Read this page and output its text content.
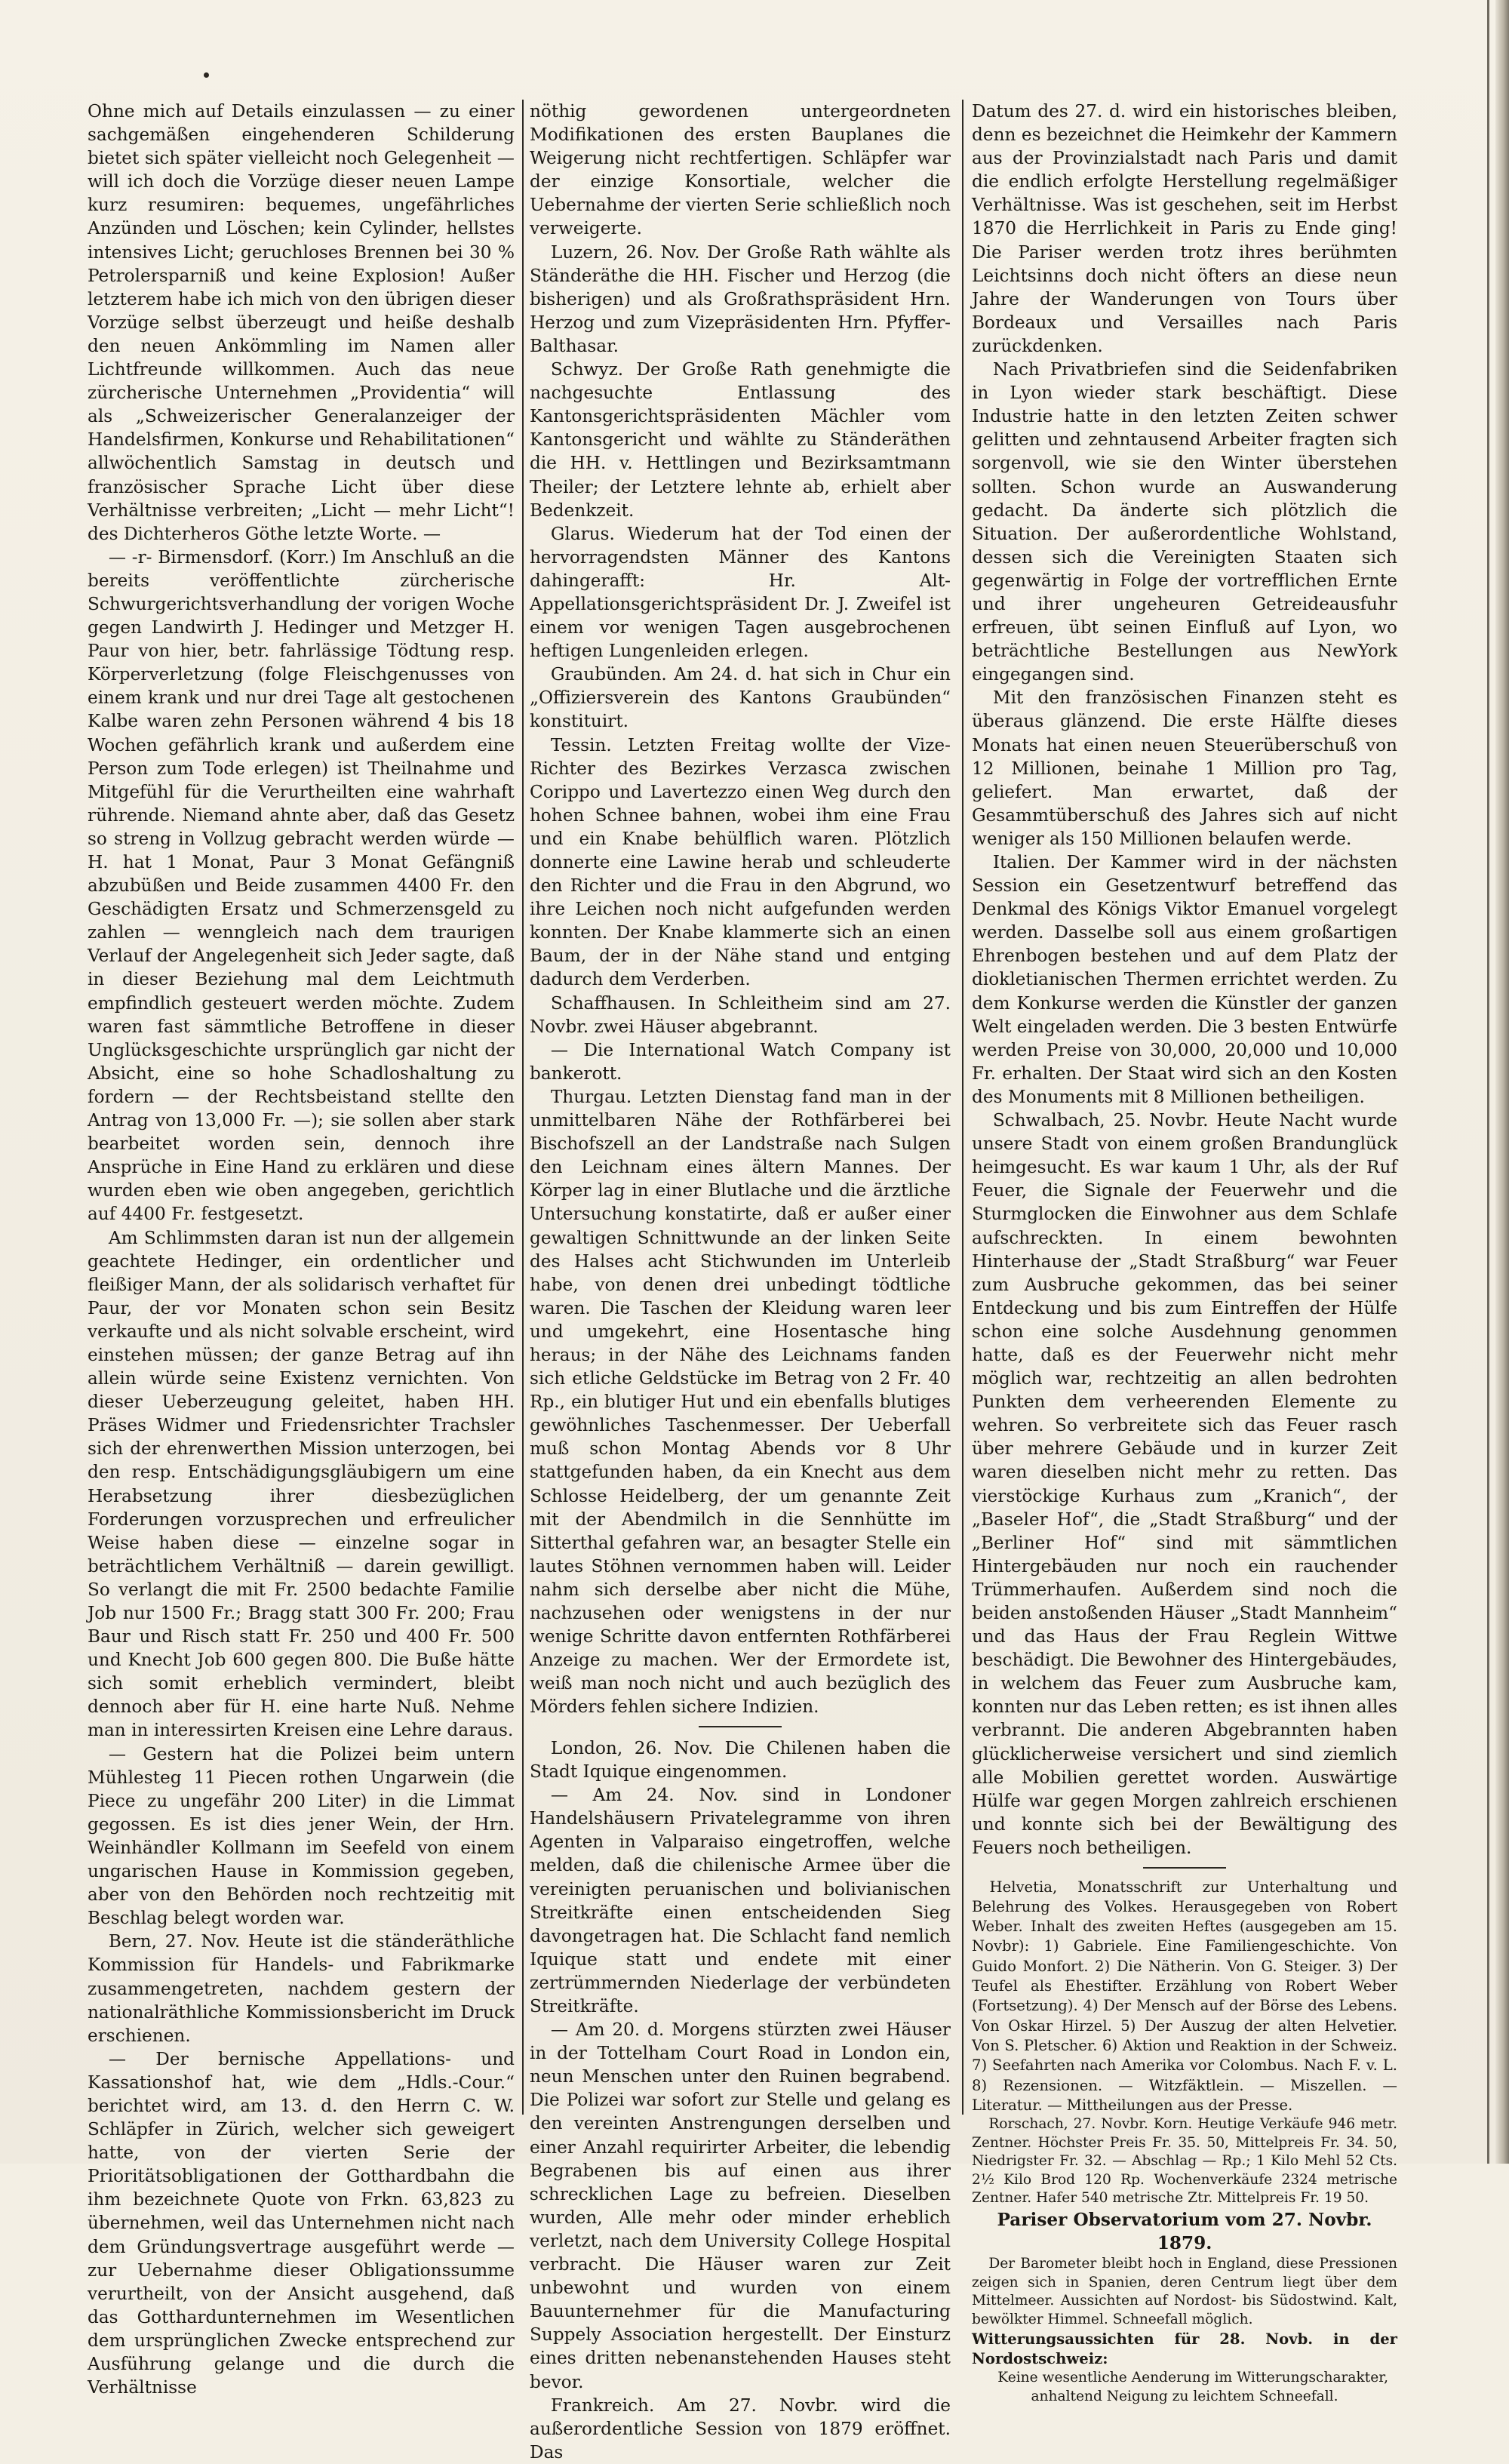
Ohne mich auf Details einzulassen — zu einer sachgemäßen eingehenderen Schilderung bietet sich später vielleicht noch Gelegenheit — will ich doch die Vorzüge dieser neuen Lampe kurz resumiren: bequemes, ungefährliches Anzünden und Löschen; kein Cylinder, hellstes intensives Licht; geruchloses Brennen bei 30 % Petrolersparniß und keine Explosion! Außer letzterem habe ich mich von den übrigen dieser Vorzüge selbst überzeugt und heiße deshalb den neuen Ankömmling im Namen aller Lichtfreunde willkommen. Auch das neue zürcherische Unternehmen „Providentia“ will als „Schweizerischer Generalanzeiger der Handelsfirmen, Konkurse und Rehabilitationen“ allwöchentlich Samstag in deutsch und französischer Sprache Licht über diese Verhältnisse verbreiten; „Licht — mehr Licht“! des Dichterheros Göthe letzte Worte. —

— -r- Birmensdorf. (Korr.) Im Anschluß an die bereits veröffentlichte zürcherische Schwurgerichtsverhandlung der vorigen Woche gegen Landwirth J. Hedinger und Metzger H. Paur von hier, betr. fahrlässige Tödtung resp. Körperverletzung (folge Fleischgenusses von einem krank und nur drei Tage alt gestochenen Kalbe waren zehn Personen während 4 bis 18 Wochen gefährlich krank und außerdem eine Person zum Tode erlegen) ist Theilnahme und Mitgefühl für die Verurtheilten eine wahrhaft rührende. Niemand ahnte aber, daß das Gesetz so streng in Vollzug gebracht werden würde — H. hat 1 Monat, Paur 3 Monat Gefängniß abzubüßen und Beide zusammen 4400 Fr. den Geschädigten Ersatz und Schmerzensgeld zu zahlen — wenngleich nach dem traurigen Verlauf der Angelegenheit sich Jeder sagte, daß in dieser Beziehung mal dem Leichtmuth empfindlich gesteuert werden möchte. Zudem waren fast sämmtliche Betroffene in dieser Unglücksgeschichte ursprünglich gar nicht der Absicht, eine so hohe Schadloshaltung zu fordern — der Rechtsbeistand stellte den Antrag von 13,000 Fr. —); sie sollen aber stark bearbeitet worden sein, dennoch ihre Ansprüche in Eine Hand zu erklären und diese wurden eben wie oben angegeben, gerichtlich auf 4400 Fr. festgesetzt.

Am Schlimmsten daran ist nun der allgemein geachtete Hedinger, ein ordentlicher und fleißiger Mann, der als solidarisch verhaftet für Paur, der vor Monaten schon sein Besitz verkaufte und als nicht solvable erscheint, wird einstehen müssen; der ganze Betrag auf ihn allein würde seine Existenz vernichten. Von dieser Ueberzeugung geleitet, haben HH. Präses Widmer und Friedensrichter Trachsler sich der ehrenwerthen Mission unterzogen, bei den resp. Entschädigungsgläubigern um eine Herabsetzung ihrer diesbezüglichen Forderungen vorzusprechen und erfreulicher Weise haben diese — einzelne sogar in beträchtlichem Verhältniß — darein gewilligt. So verlangt die mit Fr. 2500 bedachte Familie Job nur 1500 Fr.; Bragg statt 300 Fr. 200; Frau Baur und Risch statt Fr. 250 und 400 Fr. 500 und Knecht Job 600 gegen 800. Die Buße hätte sich somit erheblich vermindert, bleibt dennoch aber für H. eine harte Nuß. Nehme man in interessirten Kreisen eine Lehre daraus.

— Gestern hat die Polizei beim untern Mühlesteg 11 Piecen rothen Ungarwein (die Piece zu ungefähr 200 Liter) in die Limmat gegossen. Es ist dies jener Wein, der Hrn. Weinhändler Kollmann im Seefeld von einem ungarischen Hause in Kommission gegeben, aber von den Behörden noch rechtzeitig mit Beschlag belegt worden war.

Bern, 27. Nov. Heute ist die ständeräthliche Kommission für Handels- und Fabrikmarke zusammengetreten, nachdem gestern der nationalräthliche Kommissionsbericht im Druck erschienen.

— Der bernische Appellations- und Kassationshof hat, wie dem „Hdls.-Cour.“ berichtet wird, am 13. d. den Herrn C. W. Schläpfer in Zürich, welcher sich geweigert hatte, von der vierten Serie der Prioritätsobligationen der Gotthardbahn die ihm bezeichnete Quote von Frkn. 63,823 zu übernehmen, weil das Unternehmen nicht nach dem Gründungsvertrage ausgeführt werde — zur Uebernahme dieser Obligationssumme verurtheilt, von der Ansicht ausgehend, daß das Gotthardunternehmen im Wesentlichen dem ursprünglichen Zwecke entsprechend zur Ausführung gelange und die durch die Verhältnisse

nöthig gewordenen untergeordneten Modifikationen des ersten Bauplanes die Weigerung nicht rechtfertigen. Schläpfer war der einzige Konsortiale, welcher die Uebernahme der vierten Serie schließlich noch verweigerte.

Luzern, 26. Nov. Der Große Rath wählte als Ständeräthe die HH. Fischer und Herzog (die bisherigen) und als Großrathspräsident Hrn. Herzog und zum Vizepräsidenten Hrn. Pfyffer-Balthasar.

Schwyz. Der Große Rath genehmigte die nachgesuchte Entlassung des Kantonsgerichtspräsidenten Mächler vom Kantonsgericht und wählte zu Ständeräthen die HH. v. Hettlingen und Bezirksamtmann Theiler; der Letztere lehnte ab, erhielt aber Bedenkzeit.

Glarus. Wiederum hat der Tod einen der hervorragendsten Männer des Kantons dahingerafft: Hr. Alt-Appellationsgerichtspräsident Dr. J. Zweifel ist einem vor wenigen Tagen ausgebrochenen heftigen Lungenleiden erlegen.

Graubünden. Am 24. d. hat sich in Chur ein „Offiziersverein des Kantons Graubünden“ konstituirt.

Tessin. Letzten Freitag wollte der Vize-Richter des Bezirkes Verzasca zwischen Corippo und Lavertezzo einen Weg durch den hohen Schnee bahnen, wobei ihm eine Frau und ein Knabe behülflich waren. Plötzlich donnerte eine Lawine herab und schleuderte den Richter und die Frau in den Abgrund, wo ihre Leichen noch nicht aufgefunden werden konnten. Der Knabe klammerte sich an einen Baum, der in der Nähe stand und entging dadurch dem Verderben.

Schaffhausen. In Schleitheim sind am 27. Novbr. zwei Häuser abgebrannt.

— Die International Watch Company ist bankerott.

Thurgau. Letzten Dienstag fand man in der unmittelbaren Nähe der Rothfärberei bei Bischofszell an der Landstraße nach Sulgen den Leichnam eines ältern Mannes. Der Körper lag in einer Blutlache und die ärztliche Untersuchung konstatirte, daß er außer einer gewaltigen Schnittwunde an der linken Seite des Halses acht Stichwunden im Unterleib habe, von denen drei unbedingt tödtliche waren. Die Taschen der Kleidung waren leer und umgekehrt, eine Hosentasche hing heraus; in der Nähe des Leichnams fanden sich etliche Geldstücke im Betrag von 2 Fr. 40 Rp., ein blutiger Hut und ein ebenfalls blutiges gewöhnliches Taschenmesser. Der Ueberfall muß schon Montag Abends vor 8 Uhr stattgefunden haben, da ein Knecht aus dem Schlosse Heidelberg, der um genannte Zeit mit der Abendmilch in die Sennhütte im Sitterthal gefahren war, an besagter Stelle ein lautes Stöhnen vernommen haben will. Leider nahm sich derselbe aber nicht die Mühe, nachzusehen oder wenigstens in der nur wenige Schritte davon entfernten Rothfärberei Anzeige zu machen. Wer der Ermordete ist, weiß man noch nicht und auch bezüglich des Mörders fehlen sichere Indizien.

London, 26. Nov. Die Chilenen haben die Stadt Iquique eingenommen.

— Am 24. Nov. sind in Londoner Handelshäusern Privatelegramme von ihren Agenten in Valparaiso eingetroffen, welche melden, daß die chilenische Armee über die vereinigten peruanischen und bolivianischen Streitkräfte einen entscheidenden Sieg davongetragen hat. Die Schlacht fand nemlich Iquique statt und endete mit einer zertrümmernden Niederlage der verbündeten Streitkräfte.

— Am 20. d. Morgens stürzten zwei Häuser in der Tottelham Court Road in London ein, neun Menschen unter den Ruinen begrabend. Die Polizei war sofort zur Stelle und gelang es den vereinten Anstrengungen derselben und einer Anzahl requirirter Arbeiter, die lebendig Begrabenen bis auf einen aus ihrer schrecklichen Lage zu befreien. Dieselben wurden, Alle mehr oder minder erheblich verletzt, nach dem University College Hospital verbracht. Die Häuser waren zur Zeit unbewohnt und wurden von einem Bauunternehmer für die Manufacturing Suppely Association hergestellt. Der Einsturz eines dritten nebenanstehenden Hauses steht bevor.

Frankreich. Am 27. Novbr. wird die außerordentliche Session von 1879 eröffnet. Das

Datum des 27. d. wird ein historisches bleiben, denn es bezeichnet die Heimkehr der Kammern aus der Provinzialstadt nach Paris und damit die endlich erfolgte Herstellung regelmäßiger Verhältnisse. Was ist geschehen, seit im Herbst 1870 die Herrlichkeit in Paris zu Ende ging! Die Pariser werden trotz ihres berühmten Leichtsinns doch nicht öfters an diese neun Jahre der Wanderungen von Tours über Bordeaux und Versailles nach Paris zurückdenken.

Nach Privatbriefen sind die Seidenfabriken in Lyon wieder stark beschäftigt. Diese Industrie hatte in den letzten Zeiten schwer gelitten und zehntausend Arbeiter fragten sich sorgenvoll, wie sie den Winter überstehen sollten. Schon wurde an Auswanderung gedacht. Da änderte sich plötzlich die Situation. Der außerordentliche Wohlstand, dessen sich die Vereinigten Staaten sich gegenwärtig in Folge der vortrefflichen Ernte und ihrer ungeheuren Getreideausfuhr erfreuen, übt seinen Einfluß auf Lyon, wo beträchtliche Bestellungen aus NewYork eingegangen sind.

Mit den französischen Finanzen steht es überaus glänzend. Die erste Hälfte dieses Monats hat einen neuen Steuerüberschuß von 12 Millionen, beinahe 1 Million pro Tag, geliefert. Man erwartet, daß der Gesammtüberschuß des Jahres sich auf nicht weniger als 150 Millionen belaufen werde.

Italien. Der Kammer wird in der nächsten Session ein Gesetzentwurf betreffend das Denkmal des Königs Viktor Emanuel vorgelegt werden. Dasselbe soll aus einem großartigen Ehrenbogen bestehen und auf dem Platz der diokletianischen Thermen errichtet werden. Zu dem Konkurse werden die Künstler der ganzen Welt eingeladen werden. Die 3 besten Entwürfe werden Preise von 30,000, 20,000 und 10,000 Fr. erhalten. Der Staat wird sich an den Kosten des Monuments mit 8 Millionen betheiligen.

Schwalbach, 25. Novbr. Heute Nacht wurde unsere Stadt von einem großen Brandunglück heimgesucht. Es war kaum 1 Uhr, als der Ruf Feuer, die Signale der Feuerwehr und die Sturmglocken die Einwohner aus dem Schlafe aufschreckten. In einem bewohnten Hinterhause der „Stadt Straßburg“ war Feuer zum Ausbruche gekommen, das bei seiner Entdeckung und bis zum Eintreffen der Hülfe schon eine solche Ausdehnung genommen hatte, daß es der Feuerwehr nicht mehr möglich war, rechtzeitig an allen bedrohten Punkten dem verheerenden Elemente zu wehren. So verbreitete sich das Feuer rasch über mehrere Gebäude und in kurzer Zeit waren dieselben nicht mehr zu retten. Das vierstöckige Kurhaus zum „Kranich“, der „Baseler Hof“, die „Stadt Straßburg“ und der „Berliner Hof“ sind mit sämmtlichen Hintergebäuden nur noch ein rauchender Trümmerhaufen. Außerdem sind noch die beiden anstoßenden Häuser „Stadt Mannheim“ und das Haus der Frau Reglein Wittwe beschädigt. Die Bewohner des Hintergebäudes, in welchem das Feuer zum Ausbruche kam, konnten nur das Leben retten; es ist ihnen alles verbrannt. Die anderen Abgebrannten haben glücklicherweise versichert und sind ziemlich alle Mobilien gerettet worden. Auswärtige Hülfe war gegen Morgen zahlreich erschienen und konnte sich bei der Bewältigung des Feuers noch betheiligen.

Helvetia, Monatsschrift zur Unterhaltung und Belehrung des Volkes. Herausgegeben von Robert Weber. Inhalt des zweiten Heftes (ausgegeben am 15. Novbr): 1) Gabriele. Eine Familiengeschichte. Von Guido Monfort. 2) Die Nätherin. Von G. Steiger. 3) Der Teufel als Ehestifter. Erzählung von Robert Weber (Fortsetzung). 4) Der Mensch auf der Börse des Lebens. Von Oskar Hirzel. 5) Der Auszug der alten Helvetier. Von S. Pletscher. 6) Aktion und Reaktion in der Schweiz. 7) Seefahrten nach Amerika vor Colombus. Nach F. v. L. 8) Rezensionen. — Witzfäktlein. — Miszellen. — Literatur. — Mittheilungen aus der Presse.

Rorschach, 27. Novbr. Korn. Heutige Verkäufe 946 metr. Zentner. Höchster Preis Fr. 35. 50, Mittelpreis Fr. 34. 50, Niedrigster Fr. 32. — Abschlag — Rp.; 1 Kilo Mehl 52 Cts. 2½ Kilo Brod 120 Rp. Wochenverkäufe 2324 metrische Zentner. Hafer 540 metrische Ztr. Mittelpreis Fr. 19 50.

Pariser Observatorium vom 27. Novbr. 1879.

Der Barometer bleibt hoch in England, diese Pressionen zeigen sich in Spanien, deren Centrum liegt über dem Mittelmeer. Aussichten auf Nordost- bis Südostwind. Kalt, bewölkter Himmel. Schneefall möglich.

Witterungsaussichten für 28. Novb. in der Nordostschweiz:

Keine wesentliche Aenderung im Witterungscharakter, anhaltend Neigung zu leichtem Schneefall.
